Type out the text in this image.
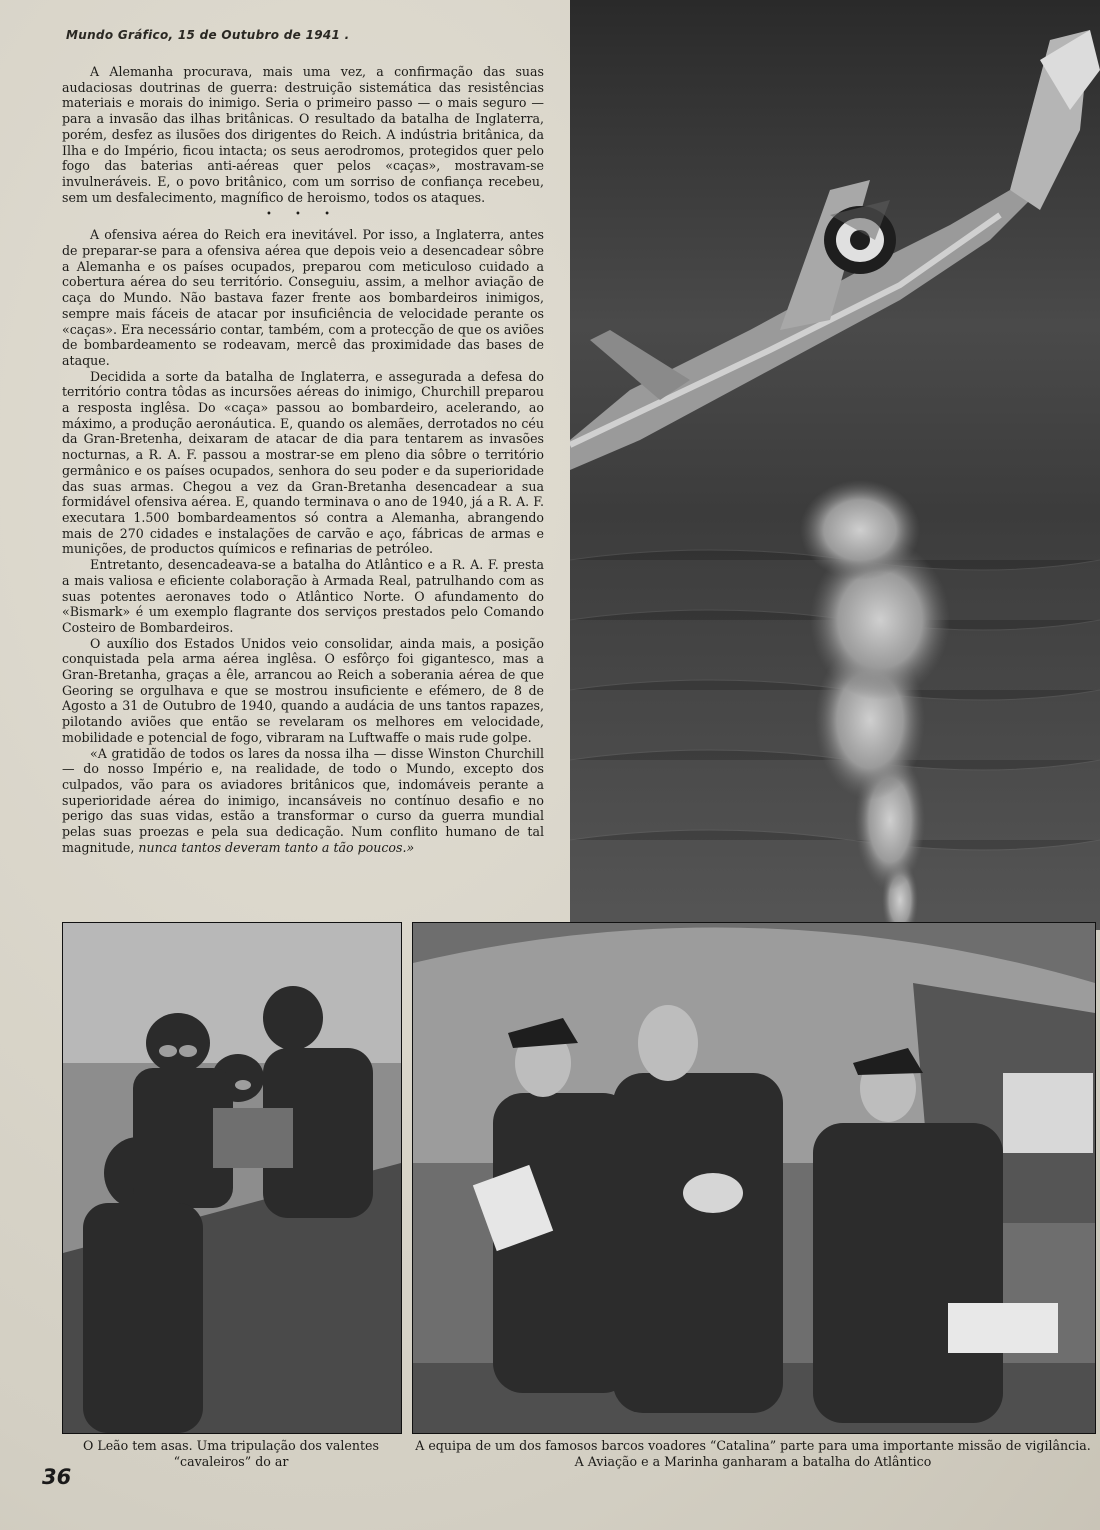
Mundo Gráfico, 15 de Outubro de 1941 .

A Alemanha procurava, mais uma vez, a confirmação das suas audaciosas doutrinas de guerra: destruição sistemática das resistências materiais e morais do inimigo. Seria o primeiro passo — o mais seguro — para a invasão das ilhas britânicas. O resultado da batalha de Inglaterra, porém, desfez as ilusões dos dirigentes do Reich. A indústria britânica, da Ilha e do Império, ficou intacta; os seus aerodromos, protegidos quer pelo fogo das baterias anti-aéreas quer pelos «caças», mostravam-se invulneráveis. E, o povo britânico, com um sorriso de confiança recebeu, sem um desfalecimento, magnífico de heroismo, todos os ataques.

• • •

A ofensiva aérea do Reich era inevitável. Por isso, a Inglaterra, antes de preparar-se para a ofensiva aérea que depois veio a desencadear sôbre a Alemanha e os países ocupados, preparou com meticuloso cuidado a cobertura aérea do seu território. Conseguiu, assim, a melhor aviação de caça do Mundo. Não bastava fazer frente aos bombardeiros inimigos, sempre mais fáceis de atacar por insuficiência de velocidade perante os «caças». Era necessário contar, também, com a protecção de que os aviões de bombardeamento se rodeavam, mercê das proximidade das bases de ataque.

Decidida a sorte da batalha de Inglaterra, e assegurada a defesa do território contra tôdas as incursões aéreas do inimigo, Churchill preparou a resposta inglêsa. Do «caça» passou ao bombardeiro, acelerando, ao máximo, a produção aeronáutica. E, quando os alemães, derrotados no céu da Gran-Bretenha, deixaram de atacar de dia para tentarem as invasões nocturnas, a R. A. F. passou a mostrar-se em pleno dia sôbre o território germânico e os países ocupados, senhora do seu poder e da superioridade das suas armas. Chegou a vez da Gran-Bretanha desencadear a sua formidável ofensiva aérea. E, quando terminava o ano de 1940, já a R. A. F. executara 1.500 bombardeamentos só contra a Alemanha, abrangendo mais de 270 cidades e instalações de carvão e aço, fábricas de armas e munições, de productos químicos e refinarias de petróleo.

Entretanto, desencadeava-se a batalha do Atlântico e a R. A. F. presta a mais valiosa e eficiente colaboração à Armada Real, patrulhando com as suas potentes aeronaves todo o Atlântico Norte. O afundamento do «Bismark» é um exemplo flagrante dos serviços prestados pelo Comando Costeiro de Bombardeiros.

O auxílio dos Estados Unidos veio consolidar, ainda mais, a posição conquistada pela arma aérea inglêsa. O esfôrço foi gigantesco, mas a Gran-Bretanha, graças a êle, arrancou ao Reich a soberania aérea de que Georing se orgulhava e que se mostrou insuficiente e efémero, de 8 de Agosto a 31 de Outubro de 1940, quando a audácia de uns tantos rapazes, pilotando aviões que então se revelaram os melhores em velocidade, mobilidade e potencial de fogo, vibraram na Luftwaffe o mais rude golpe.

«A gratidão de todos os lares da nossa ilha — disse Winston Churchill — do nosso Império e, na realidade, de todo o Mundo, excepto dos culpados, vão para os aviadores britânicos que, indomáveis perante a superioridade aérea do inimigo, incansáveis no contínuo desafio e no perigo das suas vidas, estão a transformar o curso da guerra mundial pelas suas proezas e pela sua dedicação. Num conflito humano de tal magnitude, nunca tantos deveram tanto a tão poucos.»

O Leão tem asas. Uma tripulação dos valentes “cavaleiros” do ar
A equipa de um dos famosos barcos voadores “Catalina” parte para uma importante missão de vigilância. A Aviação e a Marinha ganharam a batalha do Atlântico
36
